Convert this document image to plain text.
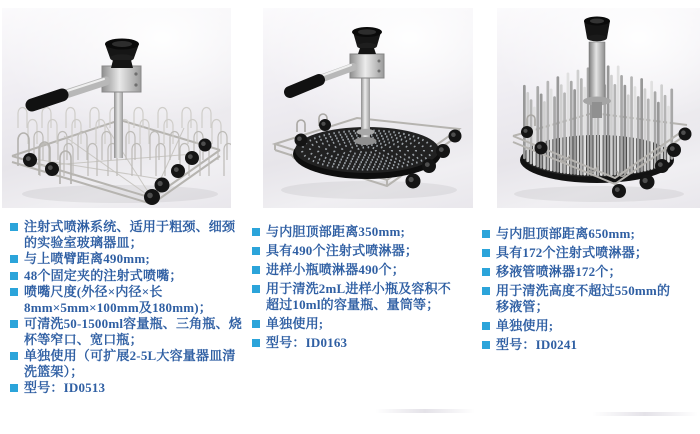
注射式喷淋系统、适用于粗颈、细颈的实验室玻璃器皿；
与上喷臂距离490mm;
48个固定夹的注射式喷嘴；
喷嘴尺度(外径×内径×长8mm×5mm×100mm及180mm)；
可清洗50-1500ml容量瓶、三角瓶、烧杯等窄口、宽口瓶；
单独使用（可扩展2-5L大容量器皿清洗篮架）；
型号：ID0513
与内胆顶部距离350mm;
具有490个注射式喷淋器；
进样小瓶喷淋器490个；
用于清洗2mL进样小瓶及容积不超过10ml的容量瓶、量筒等；
单独使用;
型号：ID0163
与内胆顶部距离650mm;
具有172个注射式喷淋器；
移液管喷淋器172个；
用于清洗高度不超过550mm的移液管；
单独使用;
型号：ID0241
